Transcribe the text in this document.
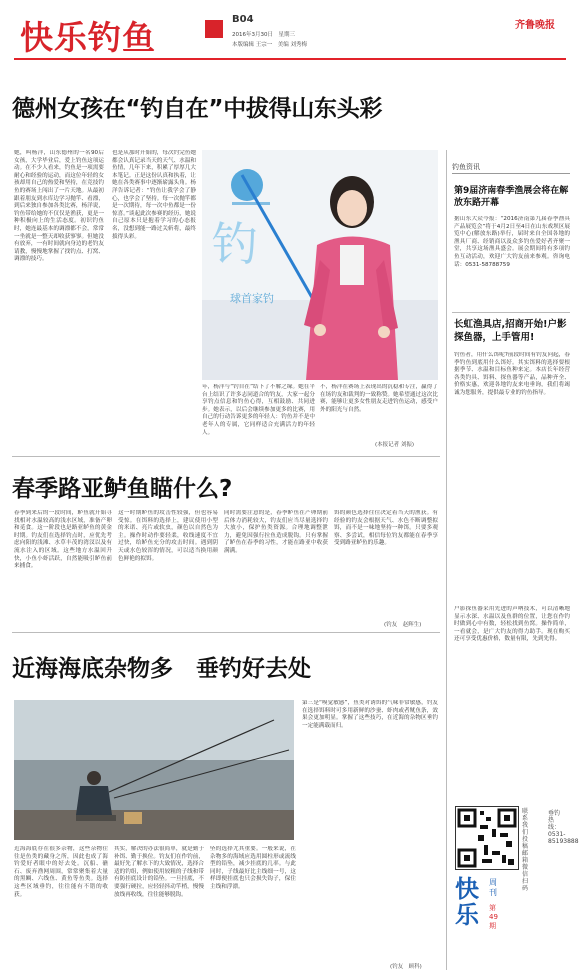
快乐钓鱼	B04
2016年3月30日　星期三
本版编辑 王宗一　美编 刘秀梅
齐鲁晚报
德州女孩在“钓自在”中拔得山东头彩
她，叫杨洋，山东德州的一名90后女孩，大学毕业后，爱上钓鱼这项运动。在不少人看来，钓鱼是一项需要耐心和经验的运动，而这位年轻的女孩却用自己的热爱和坚持，在竞技钓鱼的赛场上闯出了一片天地。从最初跟着朋友到水库边学习抛竿、看漂，到后来独自参加各类比赛，杨洋说，钓鱼带给她的不仅仅是渔获，更是一种积极向上的生活态度。初识钓鱼时，她连最基本的调漂都不会，常常一坐就是一整天却收获寥寥。但她没有放弃，一有时间就向身边的老钓友请教，慢慢地掌握了找钓点、打窝、调漂的技巧。
也是从那时开始的，每次钓完鱼她都会认真记录当天的天气、水温和鱼情，几年下来，积累了厚厚几大本笔记。正是这份认真和执着，让她在各类赛事中逐渐崭露头角。杨洋告诉记者：“钓鱼让我学会了静心，也学会了坚持。每一次抛竿都是一次期待，每一次中鱼都是一份惊喜。”谈起此次参赛的经历，她说自己原本只是抱着学习的心态报名，没想到能一路过关斩将，最终拔得头彩。	钓
球首家钓
年，杨洋与“钓自在”结下了不解之缘。她在平台上结识了许多志同道合的钓友，大家一起分享钓点信息和钓鱼心得，互相鼓励、共同进步。她表示，以后会继续参加更多的比赛，用自己的行动告诉更多的年轻人：钓鱼并不是中老年人的专属，它同样适合充满活力的年轻人。
不，杨洋在赛场上表现出的沉稳和专注，赢得了在场钓友和裁判的一致称赞。她希望通过这次比赛，能够让更多女性朋友走进钓鱼运动，感受户外的阳光与自然。
(本报记者 刘振)
春季路亚鲈鱼瞄什么?
春季到来后的一段时间，鲈鱼就开始寻找相对水温较高的浅水区域，准备产卵和觅食。这一阶段也是路亚鲈鱼的黄金时期。钓友们在选择钓点时，应优先考虑向阳的浅滩、水草丰茂的湾汊以及有流水注入的区域。这些地方水温回升快，小鱼小虾活跃，自然能吸引鲈鱼前来捕食。
这一时期鲈鱼的攻击性较强，但也容易受惊。在饵料的选择上，建议使用小型的米诺、亮片或软虫，颜色以自然色为主。操作时动作要轻柔，收线速度不宜过快，给鲈鱼充分的攻击时间。遇到阴天或水色较浑的情况，可以适当换用颜色鲜艳的拟饵。
同时需要注意的是，春季鲈鱼在产卵期前后体力消耗较大，钓友们应当尽量选择钓大放小，保护鱼类资源。合理地调整泄力，避免因强行拉鱼造成脱钩。只有掌握了鲈鱼在春季的习性，才能在路亚中收获满满。
饵的颜色选择往往决定着当天的渔获。有经验的钓友会根据天气、水色不断调整拟饵，而不是一味地坚持一种饵。只要多观察、多尝试，相信每位钓友都能在春季享受到路亚鲈鱼的乐趣。
(钓友　赵辉生)
近海海底杂物多　垂钓好去处
近海海底存在很多杂物，这些杂物往往是鱼类的藏身之所，因此也成了海钓爱好者眼中的好去处。沉船、礁石、废弃渔网周围，常常聚集着大量的黑鲷、六线鱼、黄鱼等鱼类。选择这些区域垂钓，往往能有不错的收获。
其实，解决的办法很简单，就是勤于补饵、勤于换位。钓友们在作钓前，最好先了解水下的大致情况，选择合适的钓组，例如使用较粗的子线和带有防挂底设计的铅坠。一旦挂底，不要强行硬拉，应轻轻抖动竿梢，慢慢放线再收线，往往能够脱钩。
坠的选择尤其重要。一般来说，在杂物多的海域应选用圆柱形或流线型的铅坠，减少挂底的几率。与此同时，子线最好比主线细一号，这样即便挂底也只会损失钩子，保住主线和浮漂。
第三是“嗅觉敏感”，鱼类对诱饵的气味非常敏感，钓友在选择饵料时可多用新鲜的沙蚕、虾肉或者鱿鱼条，效果会更加明显。掌握了这些技巧，在近海的杂物区垂钓一定能满载而归。
(钓友　顾科)
钓鱼资讯
第9届济南春季渔展会将在解放东路开幕
据山东大众今报：“2016济南第九届春季渔具产品展览会”将于4月2日至4日在山东戏坝区展览中心(解放东路)举行，届时来自全国各地的渔具厂商、经销商以及众多钓鱼爱好者齐聚一堂，共享这场渔具盛会。展会期间将有多项钓鱼互动活动，欢迎广大钓友前来参观。咨询电话：0531-58788759
长虹渔具店,招商开始!户影探鱼器，上手管用!
钓鱼者，用什么饵呢?前段时间有钓友问起，春季钓鱼到底用什么饵好。其实饵料的选择要根据季节、水温和目标鱼种来定。本店长年经营各类钓具、饵料、探鱼器等产品，品种齐全、价格实惠，欢迎各地钓友来电垂询，我们将竭诚为您服务，提供最专业的钓鱼指导。
户影探鱼器采用先进的声呐技术，可以清晰地显示水深、水温以及鱼群的位置，让您在作钓时做到心中有数，轻松找到鱼窝。操作简单，一看就会，是广大钓友的得力助手。现在购买还可享受优惠价格，数量有限，先到先得。
联系我们　投稿邮箱　微信扫码
快乐
周刊
第49期
垂钓热线：0531-85193888
